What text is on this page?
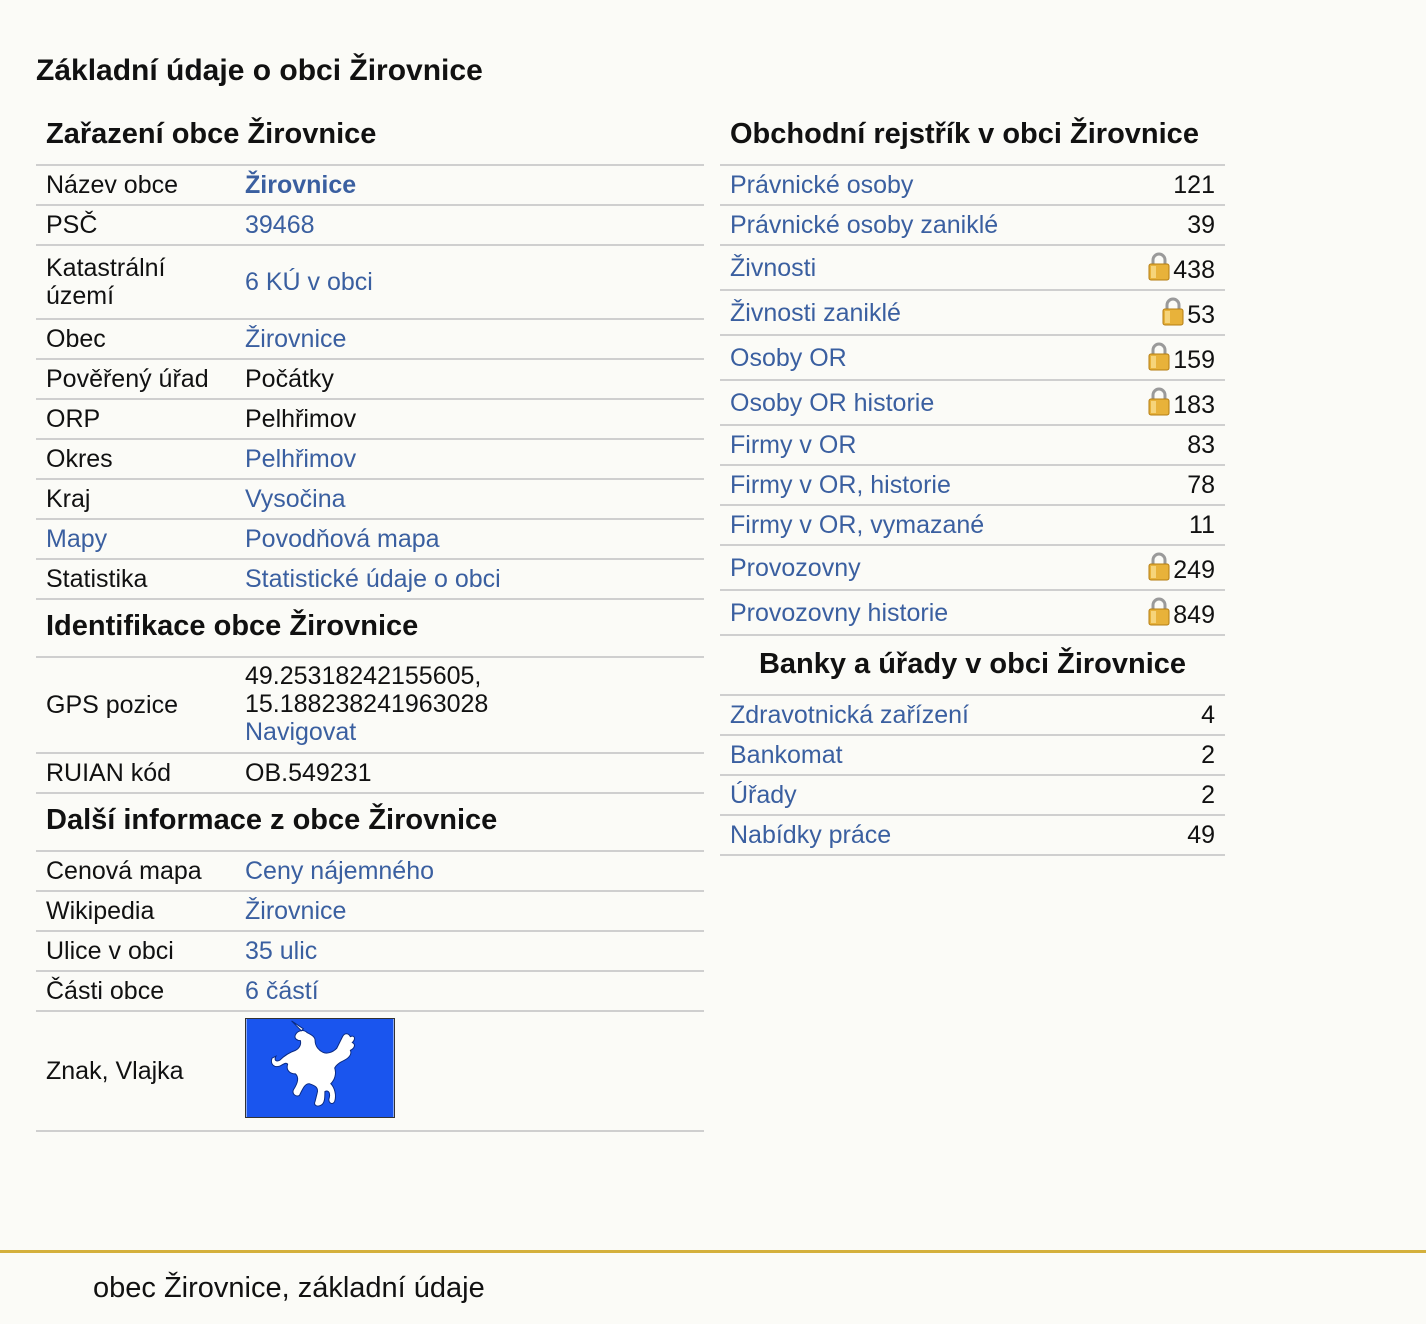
Základní údaje o obci Žirovnice
Zařazení obce Žirovnice
Název obce	Žirovnice
PSČ	39468
Katastrální území	6 KÚ v obci
Obec	Žirovnice
Pověřený úřad	Počátky
ORP	Pelhřimov
Okres	Pelhřimov
Kraj	Vysočina
Mapy	Povodňová mapa
Statistika	Statistické údaje o obci
Identifikace obce Žirovnice
GPS pozice	49.25318242155605,
15.188238241963028
Navigovat
RUIAN kód	OB.549231
Další informace z obce Žirovnice
Cenová mapa	Ceny nájemného
Wikipedia	Žirovnice
Ulice v obci	35 ulic
Části obce	6 částí
Znak, Vlajka	
Obchodní rejstřík v obci Žirovnice
Právnické osoby	121
Právnické osoby zaniklé	39
Živnosti	438
Živnosti zaniklé	53
Osoby OR	159
Osoby OR historie	183
Firmy v OR	83
Firmy v OR, historie	78
Firmy v OR, vymazané	11
Provozovny	249
Provozovny historie	849
Banky a úřady v obci Žirovnice
Zdravotnická zařízení	4
Bankomat	2
Úřady	2
Nabídky práce	49
obec Žirovnice, základní údaje
